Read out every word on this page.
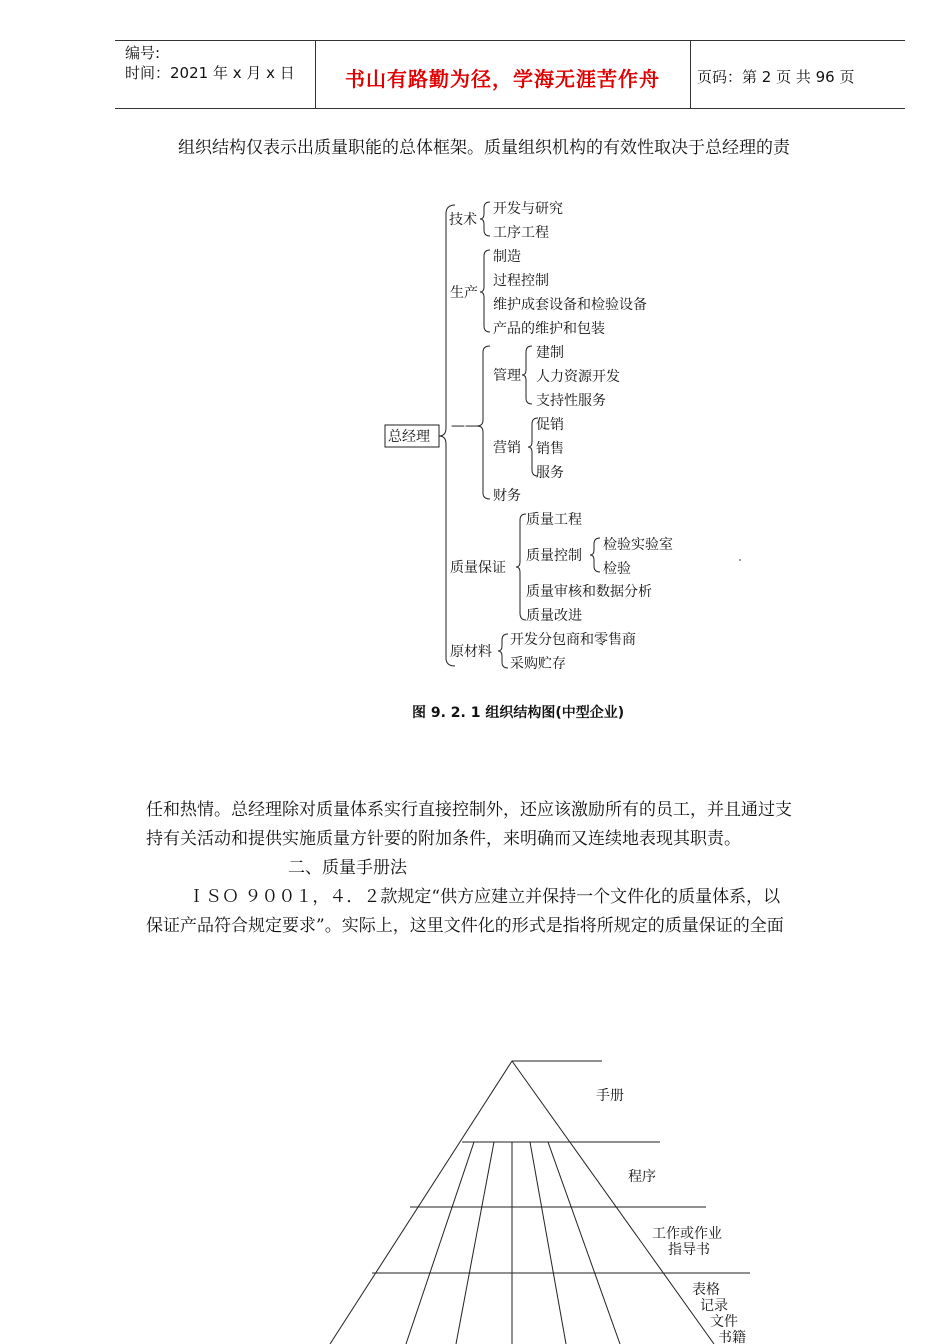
编号:
时间：2021 年 x 月 x 日	书山有路勤为径，学海无涯苦作舟	页码：第 2 页 共 96 页
组织结构仅表示出质量职能的总体框架。质量组织机构的有效性取决于总经理的责
总经理
——
技术
开发与研究
工序工程
生产
制造
过程控制
维护成套设备和检验设备
产品的维护和包装
管理
建制
人力资源开发
支持性服务
营销
促销
销售
服务
财务
质量保证
质量工程
质量控制
检验实验室
检验
质量审核和数据分析
质量改进
原材料
开发分包商和零售商
采购贮存
图 9. 2. 1 组织结构图(中型企业)
任和热情。总经理除对质量体系实行直接控制外，还应该激励所有的员工，并且通过支
持有关活动和提供实施质量方针要的附加条件，来明确而又连续地表现其职责。
二、质量手册法
ＩＳＯ ９００１，４．２款规定“供方应建立并保持一个文件化的质量体系，以
保证产品符合规定要求”。实际上，这里文件化的形式是指将所规定的质量保证的全面
手册
程序
工作或作业
指导书
表格
记录
文件
书籍
